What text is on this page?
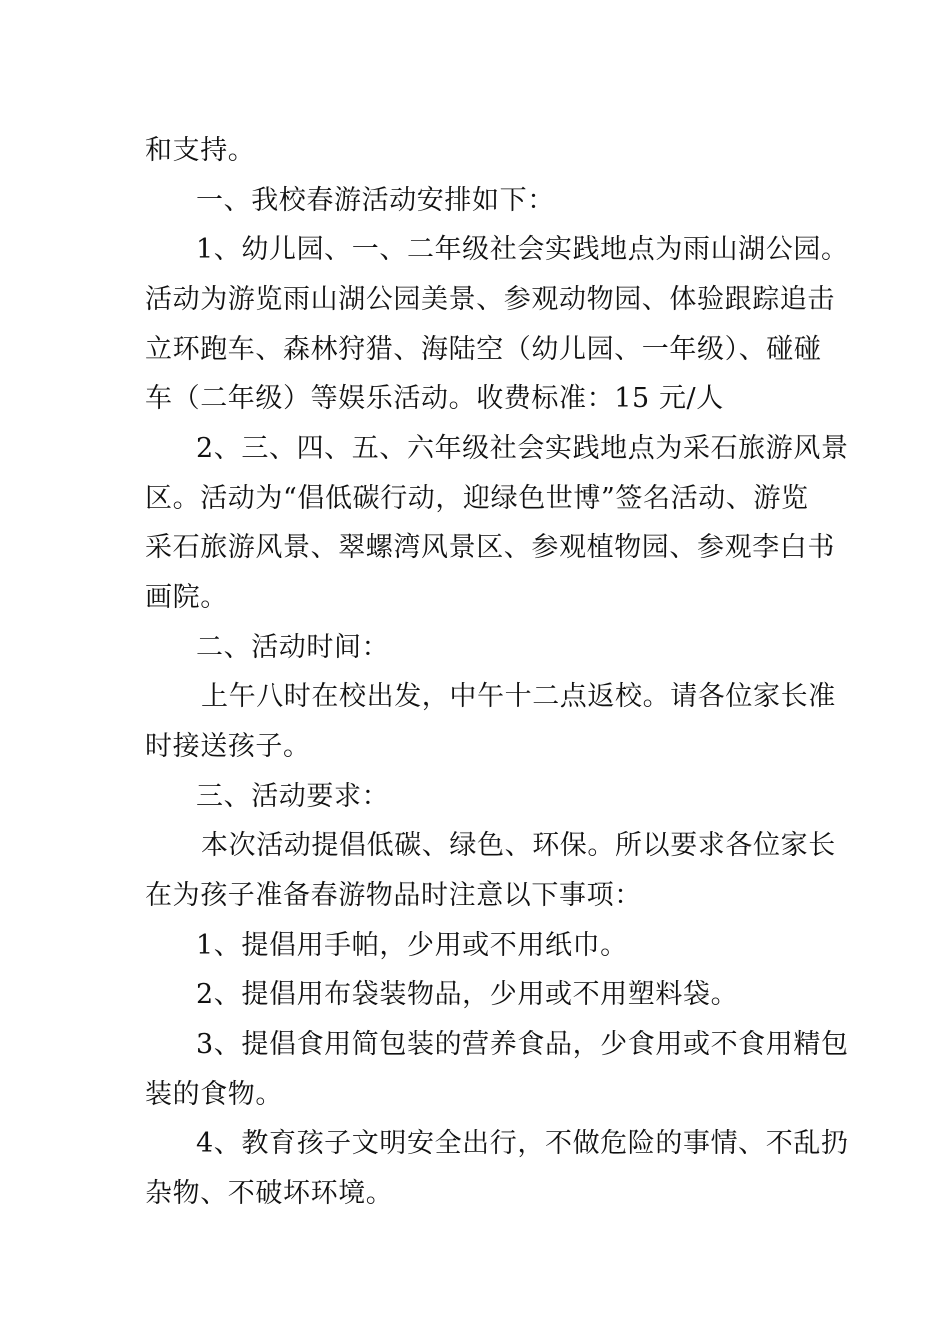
和支持。
一、我校春游活动安排如下：
1、幼儿园、一、二年级社会实践地点为雨山湖公园。
活动为游览雨山湖公园美景、参观动物园、体验跟踪追击
立环跑车、森林狩猎、海陆空（幼儿园、一年级）、碰碰
车（二年级）等娱乐活动。收费标准：15 元/人
2、三、四、五、六年级社会实践地点为采石旅游风景
区。活动为“倡低碳行动，迎绿色世博”签名活动、游览
采石旅游风景、翠螺湾风景区、参观植物园、参观李白书
画院。
二、活动时间：
上午八时在校出发，中午十二点返校。请各位家长准
时接送孩子。
三、活动要求：
本次活动提倡低碳、绿色、环保。所以要求各位家长
在为孩子准备春游物品时注意以下事项：
1、提倡用手帕，少用或不用纸巾。
2、提倡用布袋装物品，少用或不用塑料袋。
3、提倡食用简包装的营养食品，少食用或不食用精包
装的食物。
4、教育孩子文明安全出行，不做危险的事情、不乱扔
杂物、不破坏环境。
